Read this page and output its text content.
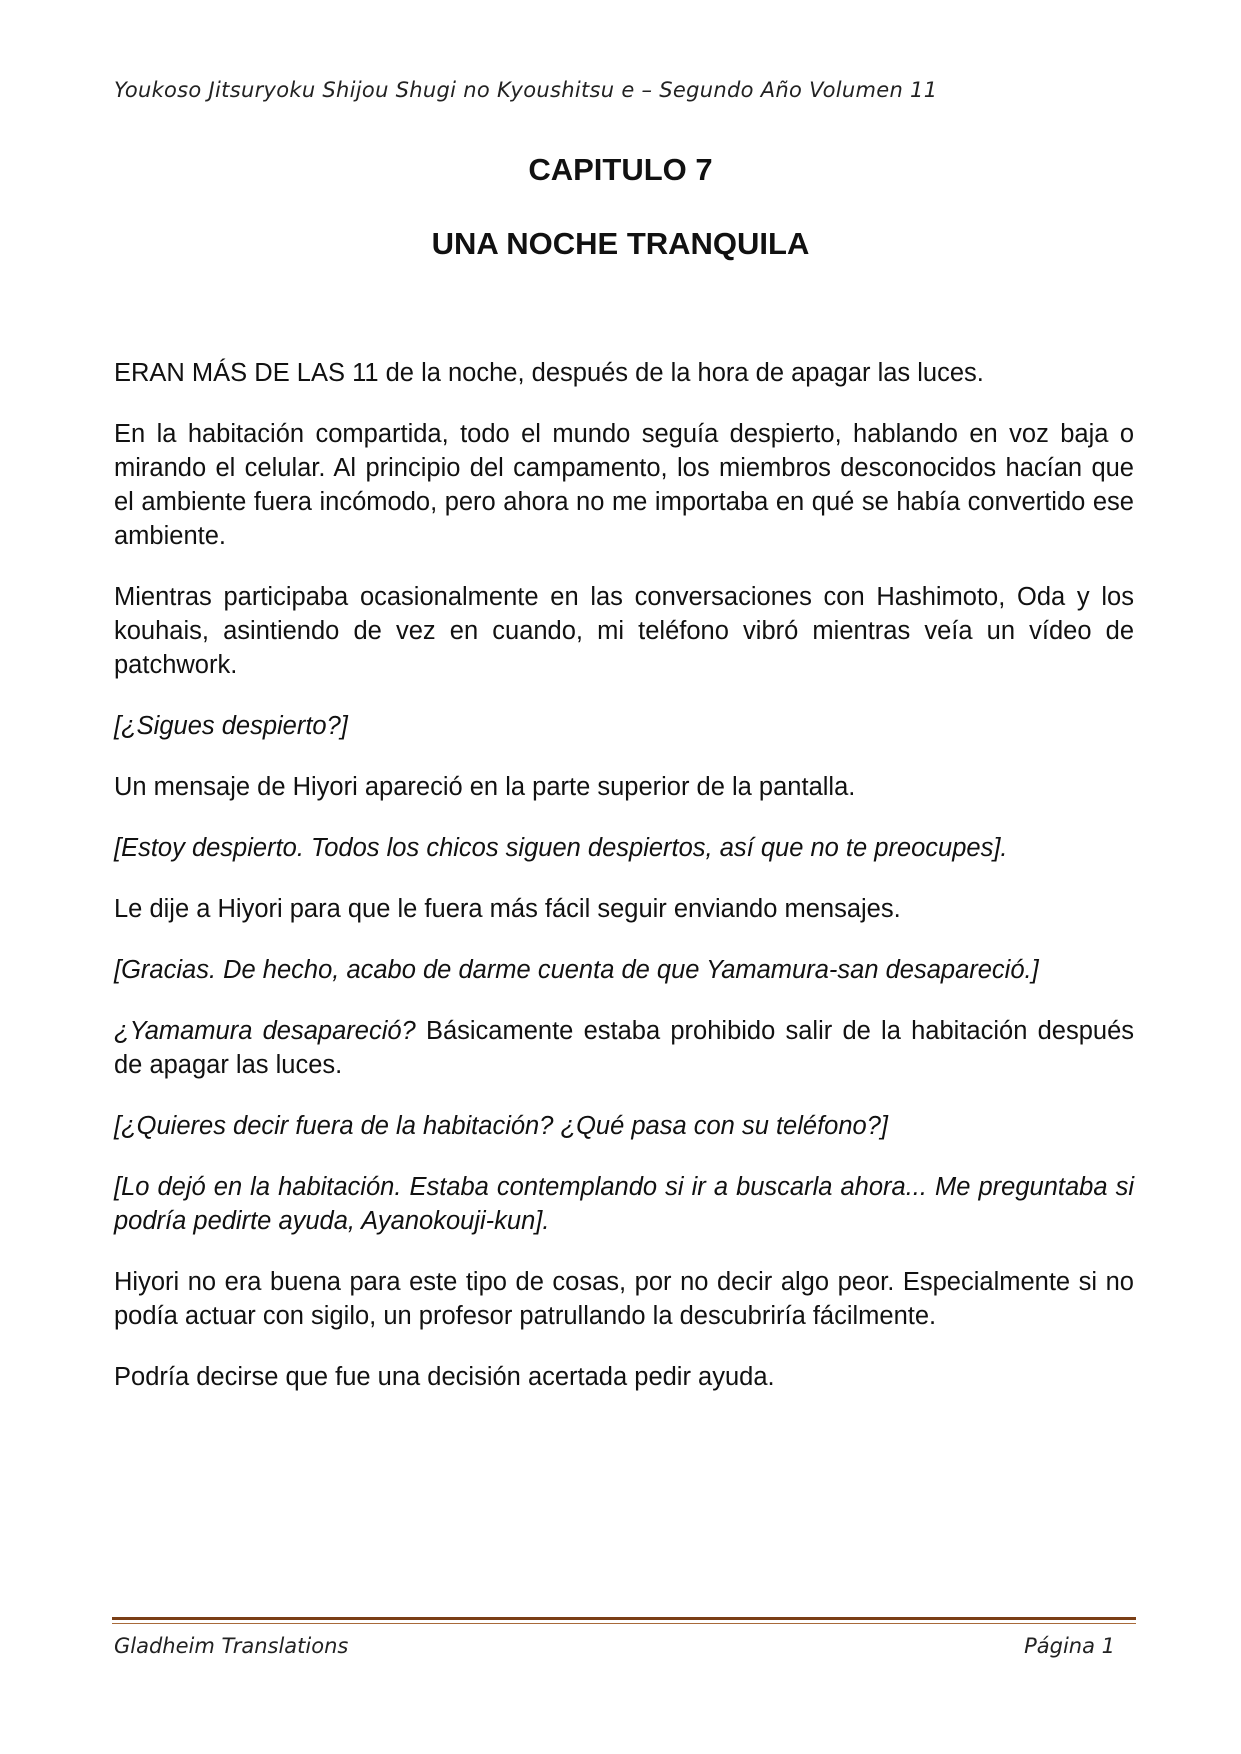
Youkoso Jitsuryoku Shijou Shugi no Kyoushitsu e – Segundo Año Volumen 11
CAPITULO 7
UNA NOCHE TRANQUILA

ERAN MÁS DE LAS 11 de la noche, después de la hora de apagar las luces.

En la habitación compartida, todo el mundo seguía despierto, hablando en voz baja o mirando el celular. Al principio del campamento, los miembros desconocidos hacían que el ambiente fuera incómodo, pero ahora no me importaba en qué se había convertido ese ambiente.

Mientras participaba ocasionalmente en las conversaciones con Hashimoto, Oda y los kouhais, asintiendo de vez en cuando, mi teléfono vibró mientras veía un vídeo de patchwork.

[¿Sigues despierto?]

Un mensaje de Hiyori apareció en la parte superior de la pantalla.

[Estoy despierto. Todos los chicos siguen despiertos, así que no te preocupes].

Le dije a Hiyori para que le fuera más fácil seguir enviando mensajes.

[Gracias. De hecho, acabo de darme cuenta de que Yamamura-san desapareció.]

¿Yamamura desapareció? Básicamente estaba prohibido salir de la habitación después de apagar las luces.

[¿Quieres decir fuera de la habitación? ¿Qué pasa con su teléfono?]

[Lo dejó en la habitación. Estaba contemplando si ir a buscarla ahora... Me preguntaba si podría pedirte ayuda, Ayanokouji-kun].

Hiyori no era buena para este tipo de cosas, por no decir algo peor. Especialmente si no podía actuar con sigilo, un profesor patrullando la descubriría fácilmente.

Podría decirse que fue una decisión acertada pedir ayuda.

Gladheim Translations	Página 1
